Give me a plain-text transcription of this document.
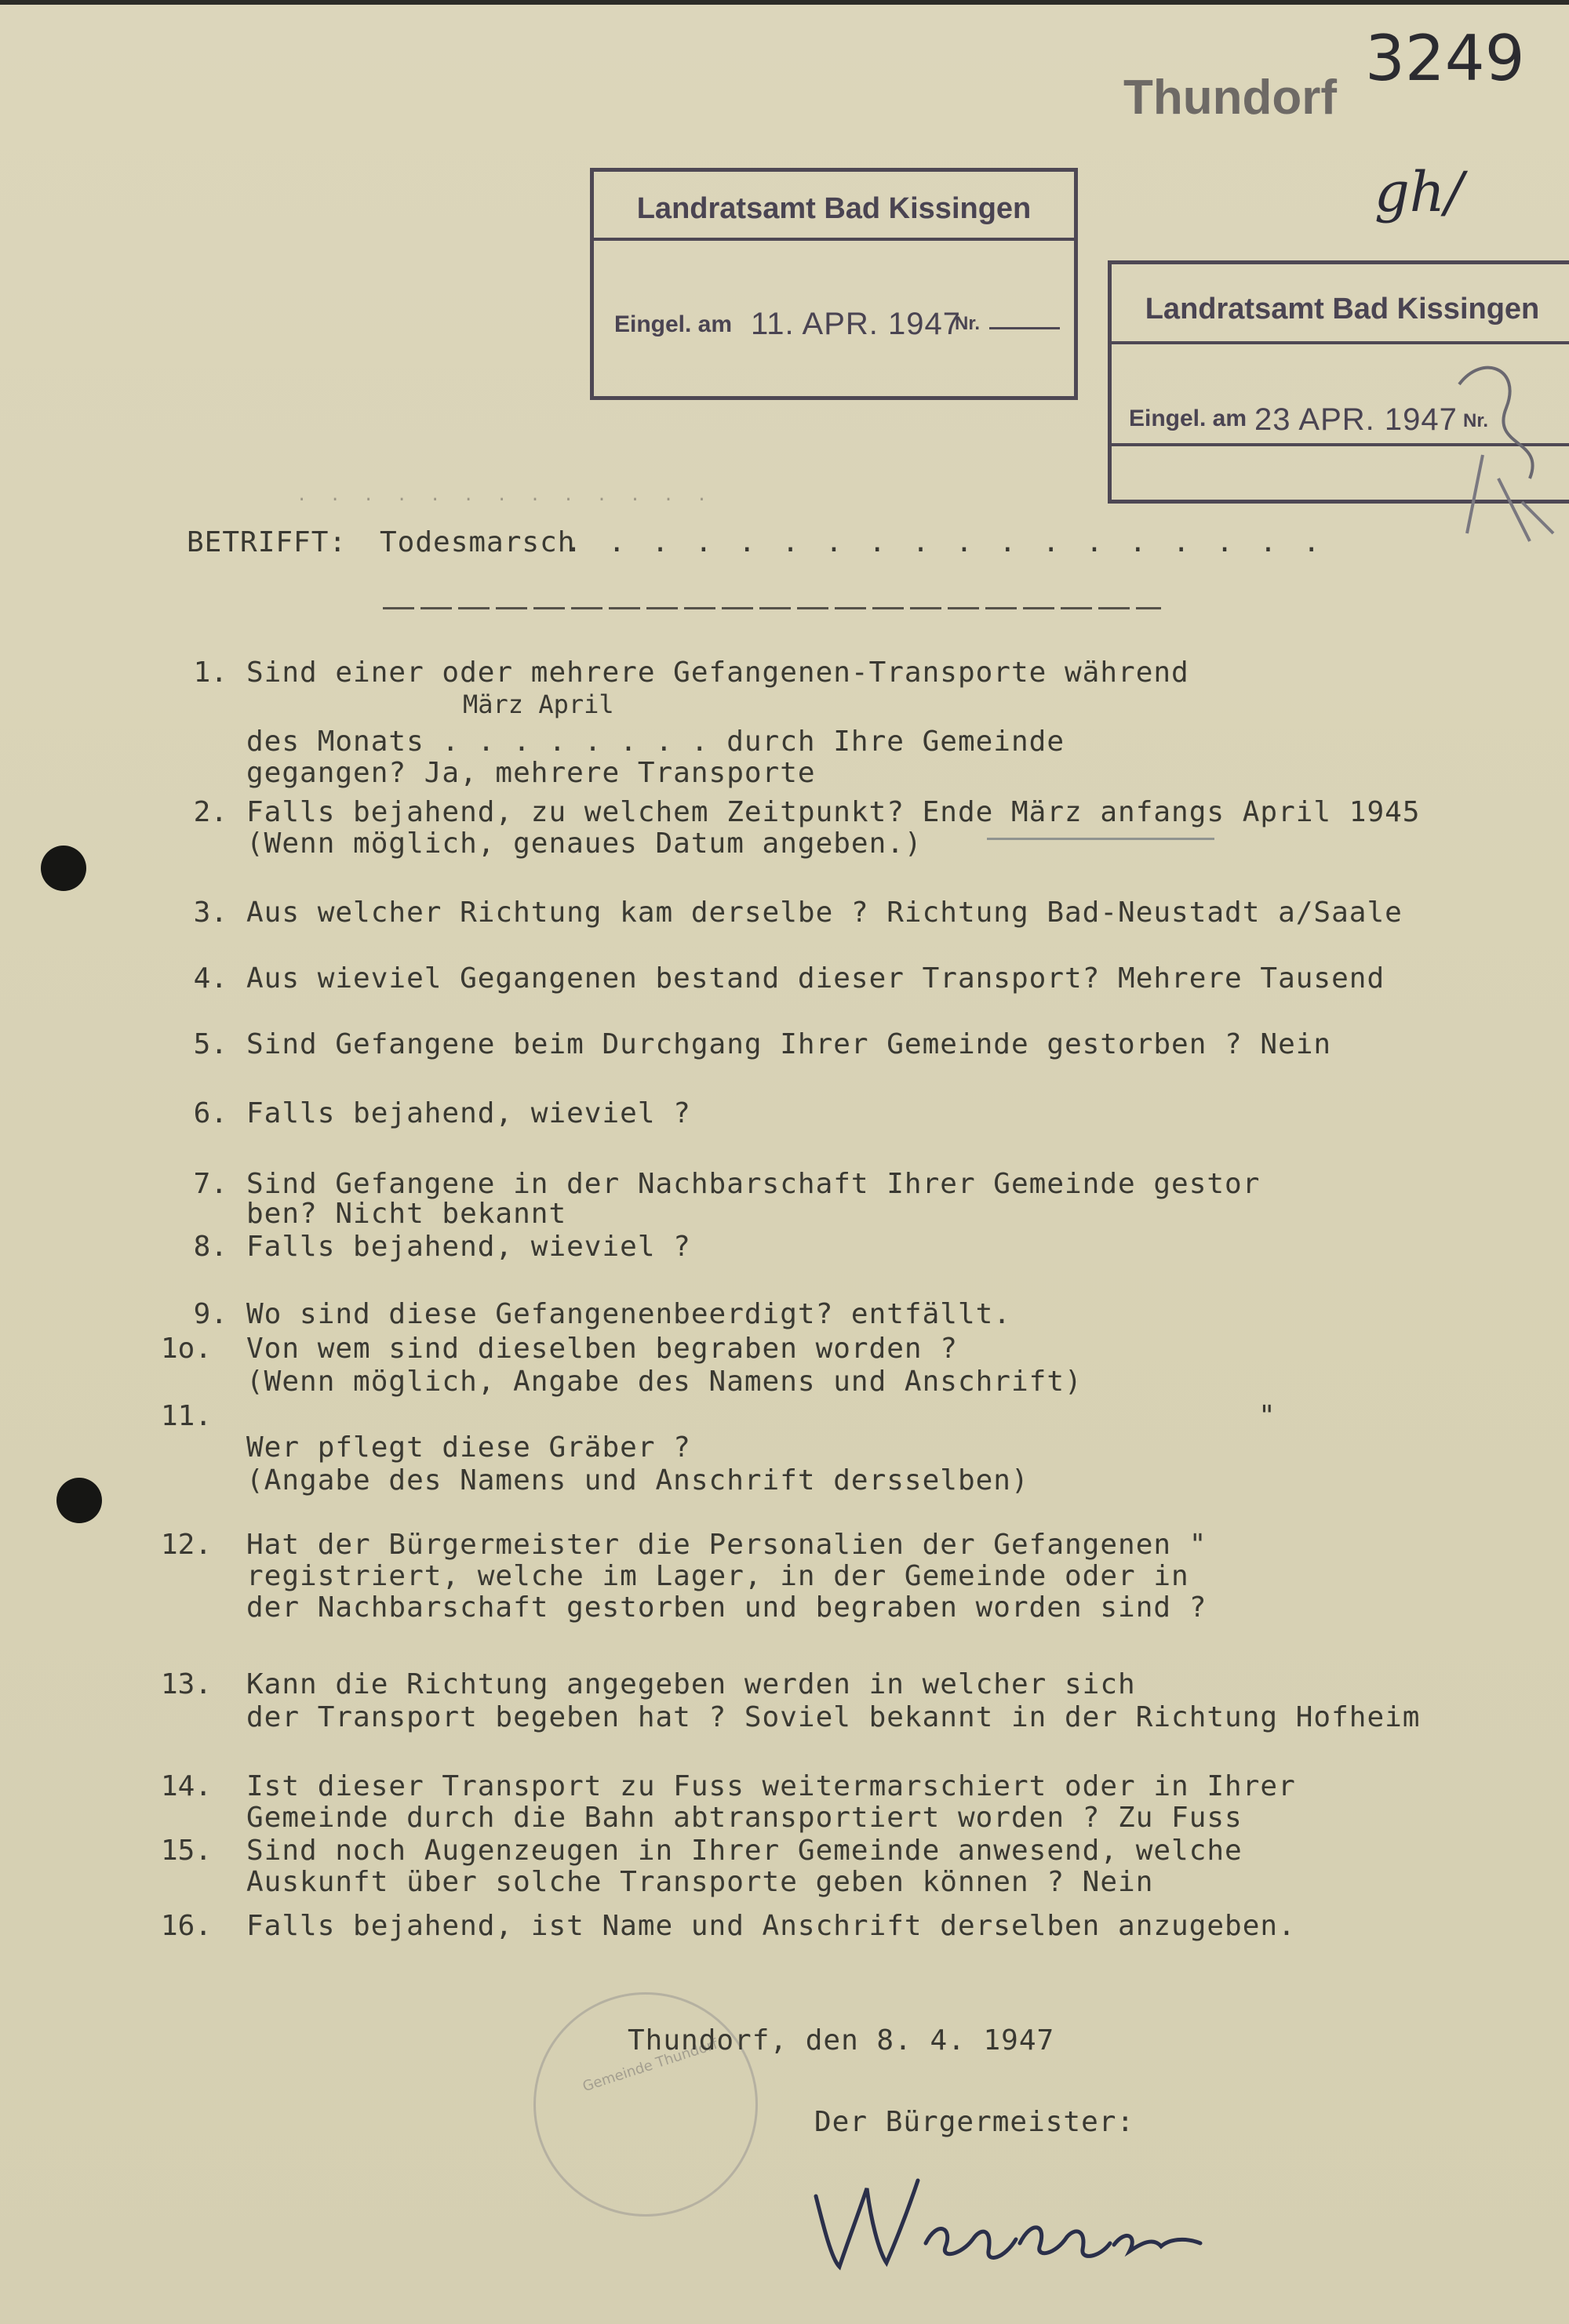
Thundorf
3249
gh/
Landratsamt Bad Kissingen
Eingel. am 11. APR. 1947
Nr.	Landratsamt Bad Kissingen
Eingel. am 23 APR. 1947 Nr.
. . . . . . . . . . . . .
BETRIFFT: Todesmarsch
. . . . . . . . . . . . . . . . . .
1. Sind einer oder mehrere Gefangenen-Transporte während
März April
des Monats . . . . . . . . durch Ihre Gemeinde
gegangen? Ja, mehrere Transporte
2. Falls bejahend, zu welchem Zeitpunkt? Ende März anfangs April 1945
(Wenn möglich, genaues Datum angeben.)
3. Aus welcher Richtung kam derselbe ? Richtung Bad-Neustadt a/Saale
4. Aus wieviel Gegangenen bestand dieser Transport? Mehrere Tausend
5. Sind Gefangene beim Durchgang Ihrer Gemeinde gestorben ? Nein
6. Falls bejahend, wieviel ?
7. Sind Gefangene in der Nachbarschaft Ihrer Gemeinde gestor
ben? Nicht bekannt
8. Falls bejahend, wieviel ?
9. Wo sind diese Gefangenenbeerdigt? entfällt.
1o. Von wem sind dieselben begraben worden ?
(Wenn möglich, Angabe des Namens und Anschrift)
11.	"
Wer pflegt diese Gräber ?
(Angabe des Namens und Anschrift dersselben)
12. Hat der Bürgermeister die Personalien der Gefangenen "
registriert, welche im Lager, in der Gemeinde oder in
der Nachbarschaft gestorben und begraben worden sind ?
13. Kann die Richtung angegeben werden in welcher sich
der Transport begeben hat ? Soviel bekannt in der Richtung Hofheim
14. Ist dieser Transport zu Fuss weitermarschiert oder in Ihrer
Gemeinde durch die Bahn abtransportiert worden ? Zu Fuss
15. Sind noch Augenzeugen in Ihrer Gemeinde anwesend, welche
Auskunft über solche Transporte geben können ? Nein
16. Falls bejahend, ist Name und Anschrift derselben anzugeben.
Gemeinde Thundorf
Thundorf, den 8. 4. 1947
Der Bürgermeister:
